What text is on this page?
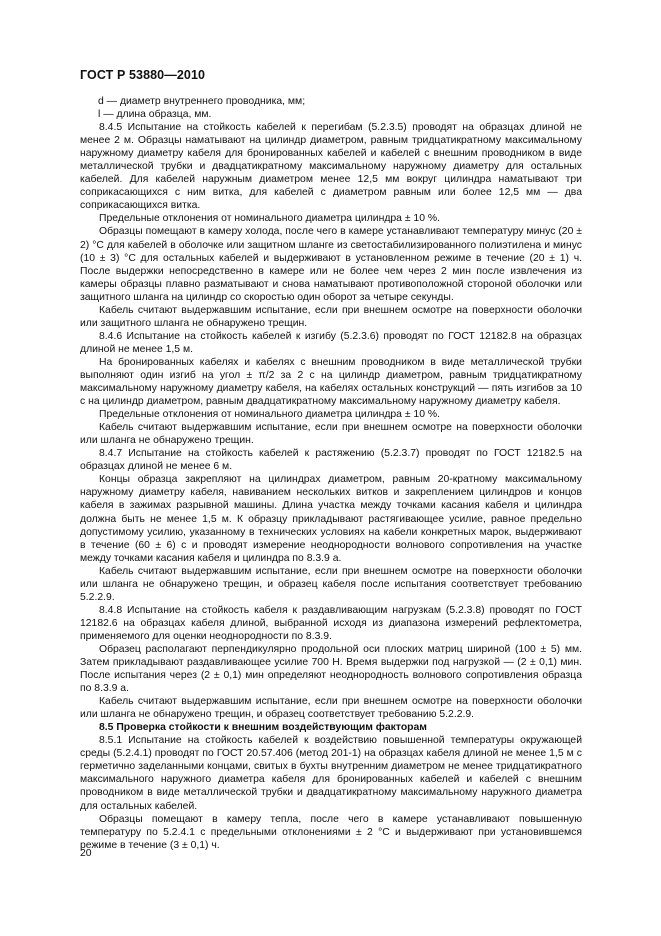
ГОСТ Р 53880—2010

d — диаметр внутреннего проводника, мм;

l — длина образца, мм.

8.4.5 Испытание на стойкость кабелей к перегибам (5.2.3.5) проводят на образцах длиной не менее 2 м. Образцы наматывают на цилиндр диаметром, равным тридцатикратному максимальному наружному диаметру кабеля для бронированных кабелей и кабелей с внешним проводником в виде металлической трубки и двадцатикратному максимальному наружному диаметру для остальных кабелей. Для кабелей наружным диаметром менее 12,5 мм вокруг цилиндра наматывают три соприкасающихся с ним витка, для кабелей с диаметром равным или более 12,5 мм — два соприкасающихся витка.

Предельные отклонения от номинального диаметра цилиндра ± 10 %.

Образцы помещают в камеру холода, после чего в камере устанавливают температуру минус (20 ± 2) °С для кабелей в оболочке или защитном шланге из светостабилизированного полиэтилена и минус (10 ± 3) °С для остальных кабелей и выдерживают в установленном режиме в течение (20 ± 1) ч. После выдержки непосредственно в камере или не более чем через 2 мин после извлечения из камеры образцы плавно разматывают и снова наматывают противоположной стороной оболочки или защитного шланга на цилиндр со скоростью один оборот за четыре секунды.

Кабель считают выдержавшим испытание, если при внешнем осмотре на поверхности оболочки или защитного шланга не обнаружено трещин.

8.4.6 Испытание на стойкость кабелей к изгибу (5.2.3.6) проводят по ГОСТ 12182.8 на образцах длиной не менее 1,5 м.

На бронированных кабелях и кабелях с внешним проводником в виде металлической трубки выполняют один изгиб на угол ± π/2 за 2 с на цилиндр диаметром, равным тридцатикратному максимальному наружному диаметру кабеля, на кабелях остальных конструкций — пять изгибов за 10 с на цилиндр диаметром, равным двадцатикратному максимальному наружному диаметру кабеля.

Предельные отклонения от номинального диаметра цилиндра ± 10 %.

Кабель считают выдержавшим испытание, если при внешнем осмотре на поверхности оболочки или шланга не обнаружено трещин.

8.4.7 Испытание на стойкость кабелей к растяжению (5.2.3.7) проводят по ГОСТ 12182.5 на образцах длиной не менее 6 м.

Концы образца закрепляют на цилиндрах диаметром, равным 20-кратному максимальному наружному диаметру кабеля, навиванием нескольких витков и закреплением цилиндров и концов кабеля в зажимах разрывной машины. Длина участка между точками касания кабеля и цилиндра должна быть не менее 1,5 м. К образцу прикладывают растягивающее усилие, равное предельно допустимому усилию, указанному в технических условиях на кабели конкретных марок, выдерживают в течение (60 ± 6) с и проводят измерение неоднородности волнового сопротивления на участке между точками касания кабеля и цилиндра по 8.3.9 а.

Кабель считают выдержавшим испытание, если при внешнем осмотре на поверхности оболочки или шланга не обнаружено трещин, и образец кабеля после испытания соответствует требованию 5.2.2.9.

8.4.8 Испытание на стойкость кабеля к раздавливающим нагрузкам (5.2.3.8) проводят по ГОСТ 12182.6 на образцах кабеля длиной, выбранной исходя из диапазона измерений рефлектометра, применяемого для оценки неоднородности по 8.3.9.

Образец располагают перпендикулярно продольной оси плоских матриц шириной (100 ± 5) мм. Затем прикладывают раздавливающее усилие 700 Н. Время выдержки под нагрузкой — (2 ± 0,1) мин. После испытания через (2 ± 0,1) мин определяют неоднородность волнового сопротивления образца по 8.3.9 а.

Кабель считают выдержавшим испытание, если при внешнем осмотре на поверхности оболочки или шланга не обнаружено трещин, и образец соответствует требованию 5.2.2.9.

8.5 Проверка стойкости к внешним воздействующим факторам

8.5.1 Испытание на стойкость кабелей к воздействию повышенной температуры окружающей среды (5.2.4.1) проводят по ГОСТ 20.57.406 (метод 201-1) на образцах кабеля длиной не менее 1,5 м с герметично заделанными концами, свитых в бухты внутренним диаметром не менее тридцатикратного максимального наружного диаметра кабеля для бронированных кабелей и кабелей с внешним проводником в виде металлической трубки и двадцатикратному максимальному наружного диаметра для остальных кабелей.

Образцы помещают в камеру тепла, после чего в камере устанавливают повышенную температуру по 5.2.4.1 с предельными отклонениями ± 2 °С и выдерживают при установившемся режиме в течение (3 ± 0,1) ч.

20
